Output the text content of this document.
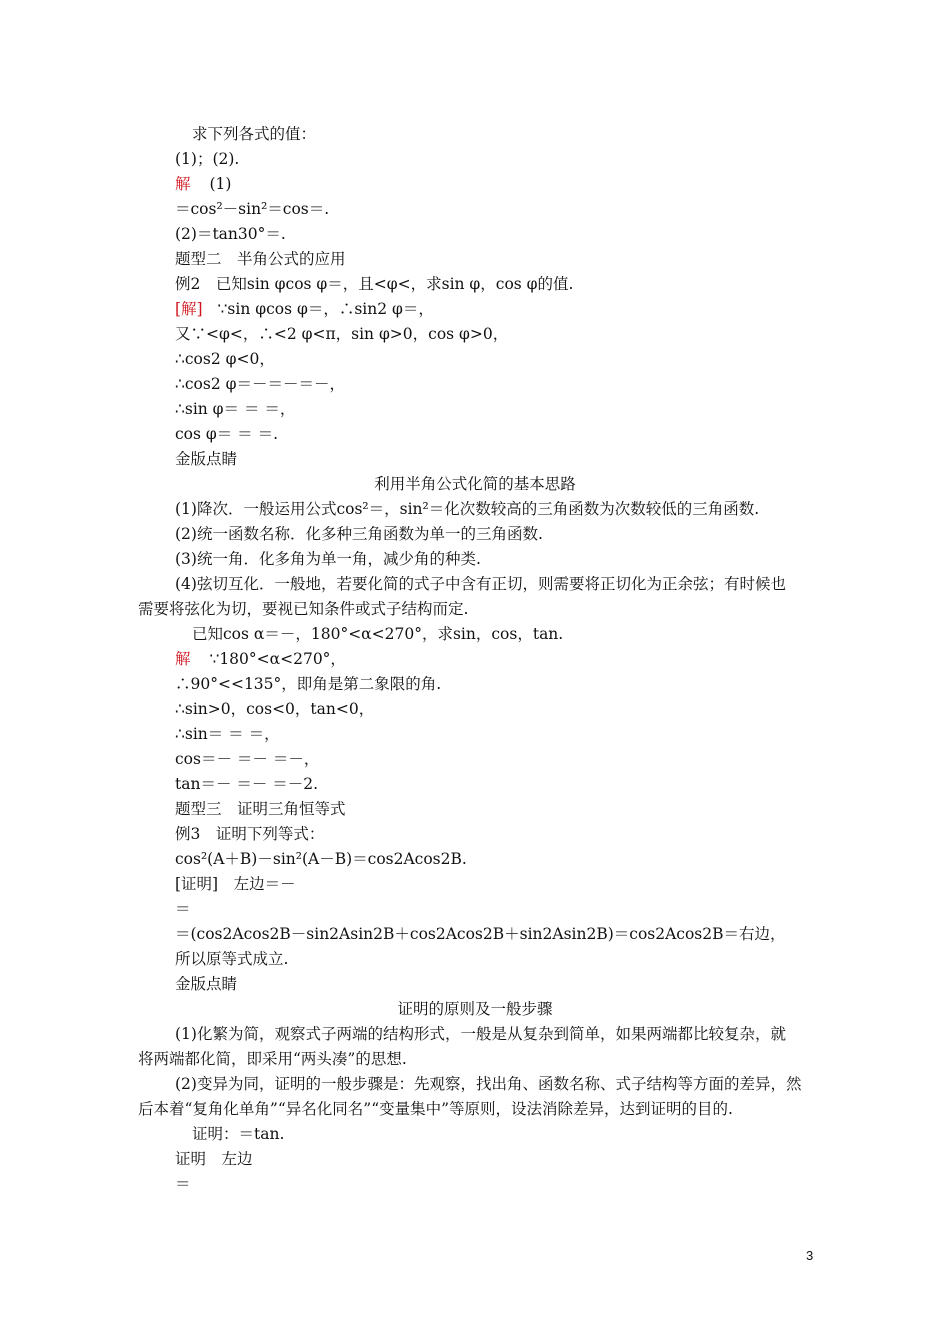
求下列各式的值：
(1)；(2).
解 (1)
＝cos²－sin²＝cos＝.
(2)＝tan30°＝.
题型二　半角公式的应用
例2　已知sin φcos φ＝，且<φ<，求sin φ，cos φ的值.
[解] ∵sin φcos φ＝，∴sin2 φ＝，
又∵<φ<，∴<2 φ<π，sin φ>0，cos φ>0，
∴cos2 φ<0，
∴cos2 φ＝－＝－＝－，
∴sin φ＝ ＝ ＝，
cos φ＝ ＝ ＝.
金版点睛
利用半角公式化简的基本思路
(1)降次．一般运用公式cos²＝，sin²＝化次数较高的三角函数为次数较低的三角函数.
(2)统一函数名称．化多种三角函数为单一的三角函数.
(3)统一角．化多角为单一角，减少角的种类.
(4)弦切互化．一般地，若要化简的式子中含有正切，则需要将正切化为正余弦；有时候也
需要将弦化为切，要视已知条件或式子结构而定.
已知cos α＝－，180°<α<270°，求sin，cos，tan.
解 ∵180°<α<270°，
∴90°<<135°，即角是第二象限的角.
∴sin>0，cos<0，tan<0，
∴sin＝ ＝ ＝，
cos＝－ ＝－ ＝－，
tan＝－ ＝－ ＝－2.
题型三　证明三角恒等式
例3　证明下列等式：
cos²(A＋B)－sin²(A－B)＝cos2Acos2B.
[证明]　左边＝－
＝
＝(cos2Acos2B－sin2Asin2B＋cos2Acos2B＋sin2Asin2B)＝cos2Acos2B＝右边，
所以原等式成立.
金版点睛
证明的原则及一般步骤
(1)化繁为简，观察式子两端的结构形式，一般是从复杂到简单，如果两端都比较复杂，就
将两端都化简，即采用“两头凑”的思想.
(2)变异为同，证明的一般步骤是：先观察，找出角、函数名称、式子结构等方面的差异，然
后本着“复角化单角”“异名化同名”“变量集中”等原则，设法消除差异，达到证明的目的.
证明：＝tan.
证明　左边
＝
3
